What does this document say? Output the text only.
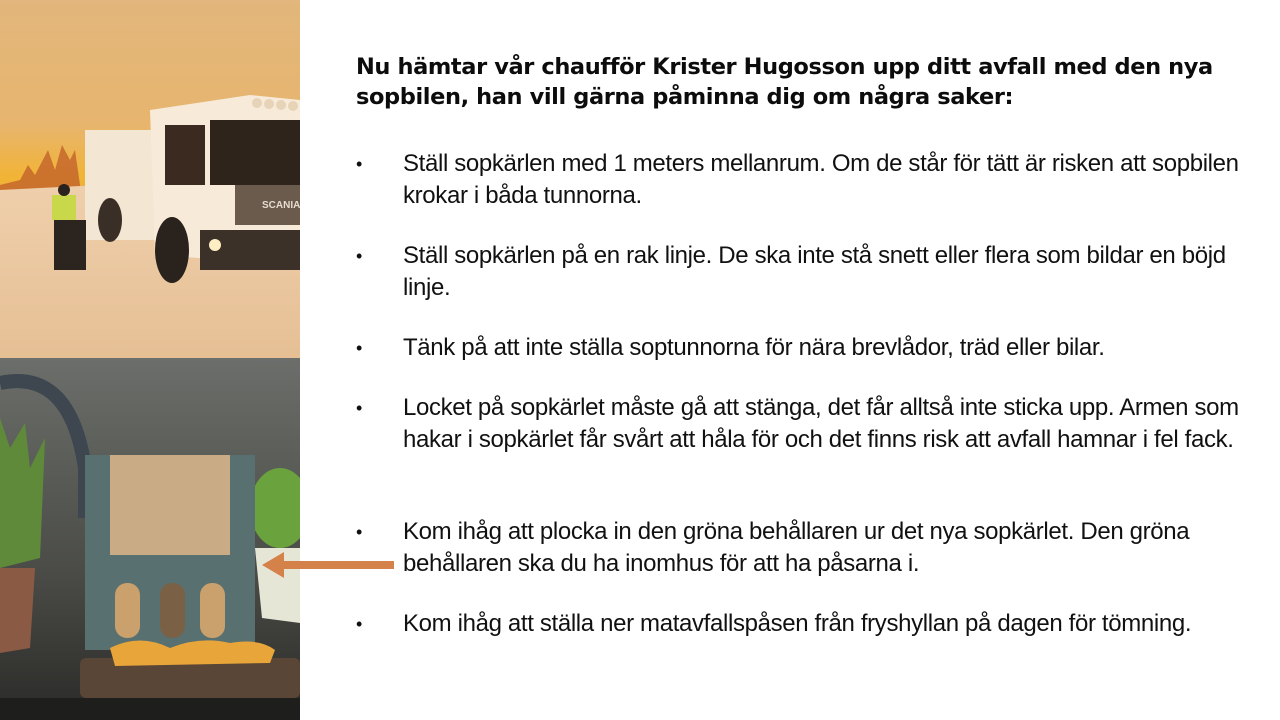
SCANIA
Nu hämtar vår chaufför Krister Hugosson upp ditt avfall med den nya sopbilen, han vill gärna påminna dig om några saker:
•	Ställ sopkärlen med 1 meters mellanrum. Om de står för tätt är risken att sopbilen krokar i båda tunnorna.
•	Ställ sopkärlen på en rak linje. De ska inte stå snett eller flera som bildar en böjd linje.
•	Tänk på att inte ställa soptunnorna för nära brevlådor, träd eller bilar.
•	Locket på sopkärlet måste gå att stänga, det får alltså inte sticka upp. Armen som hakar i sopkärlet får svårt att håla för och det finns risk att avfall hamnar i fel fack.
•	Kom ihåg att plocka in den gröna behållaren ur det nya sopkärlet. Den gröna behållaren ska du ha inomhus för att ha påsarna i.
•	Kom ihåg att ställa ner matavfallspåsen från fryshyllan på dagen för tömning.
